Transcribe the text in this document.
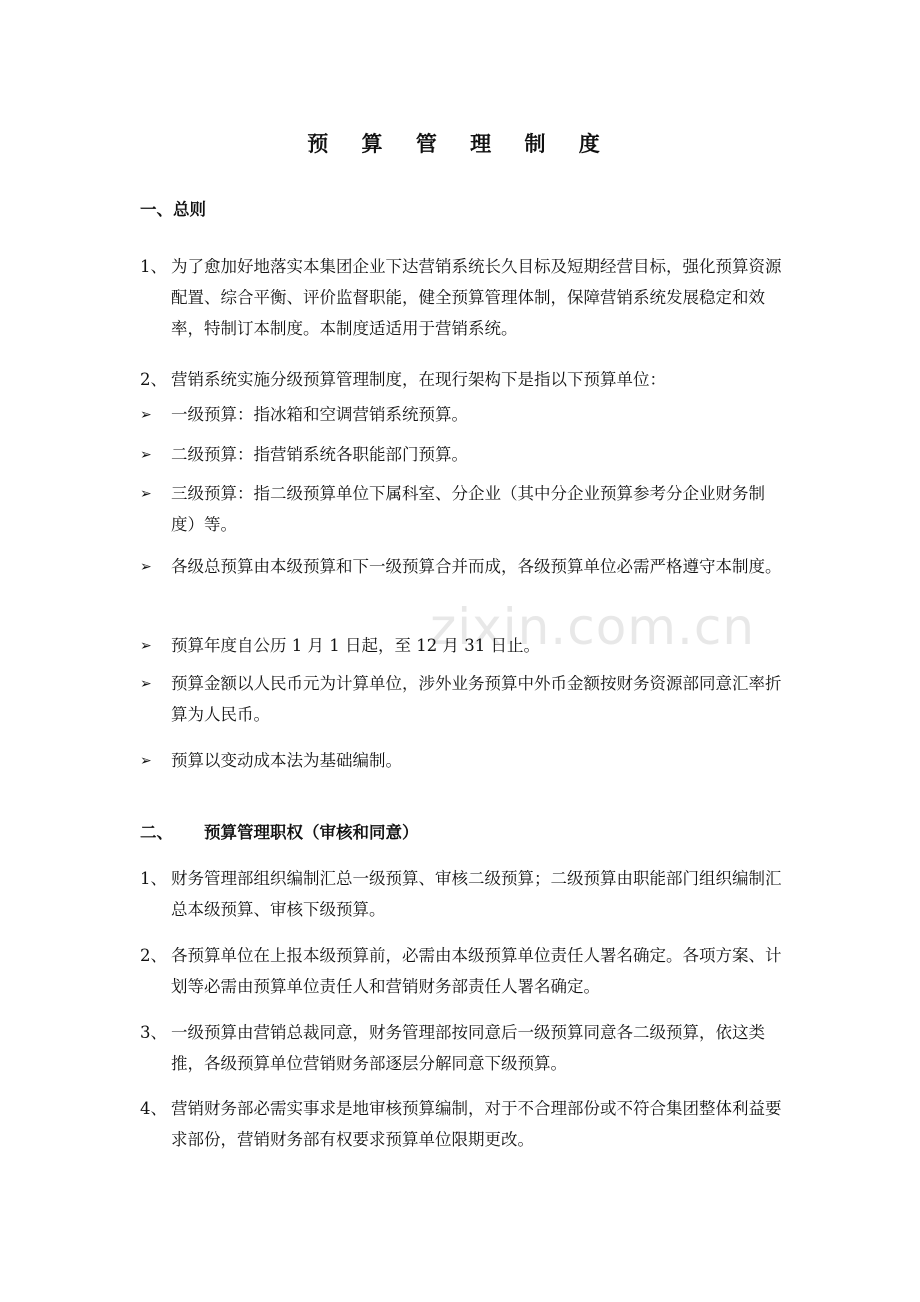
zixin.com.cn
预 算 管 理 制 度
一、总则
1、 为了愈加好地落实本集团企业下达营销系统长久目标及短期经营目标，强化预算资源配置、综合平衡、评价监督职能，健全预算管理体制，保障营销系统发展稳定和效率，特制订本制度。本制度适适用于营销系统。
2、 营销系统实施分级预算管理制度，在现行架构下是指以下预算单位：
➢ 一级预算：指冰箱和空调营销系统预算。
➢ 二级预算：指营销系统各职能部门预算。
➢ 三级预算：指二级预算单位下属科室、分企业（其中分企业预算参考分企业财务制度）等。
➢ 各级总预算由本级预算和下一级预算合并而成，各级预算单位必需严格遵守本制度。
➢ 预算年度自公历 1 月 1 日起，至 12 月 31 日止。
➢ 预算金额以人民币元为计算单位，涉外业务预算中外币金额按财务资源部同意汇率折算为人民币。
➢ 预算以变动成本法为基础编制。
二、 预算管理职权（审核和同意）
1、 财务管理部组织编制汇总一级预算、审核二级预算；二级预算由职能部门组织编制汇总本级预算、审核下级预算。
2、 各预算单位在上报本级预算前，必需由本级预算单位责任人署名确定。各项方案、计划等必需由预算单位责任人和营销财务部责任人署名确定。
3、 一级预算由营销总裁同意，财务管理部按同意后一级预算同意各二级预算，依这类推，各级预算单位营销财务部逐层分解同意下级预算。
4、 营销财务部必需实事求是地审核预算编制，对于不合理部份或不符合集团整体利益要求部份，营销财务部有权要求预算单位限期更改。
